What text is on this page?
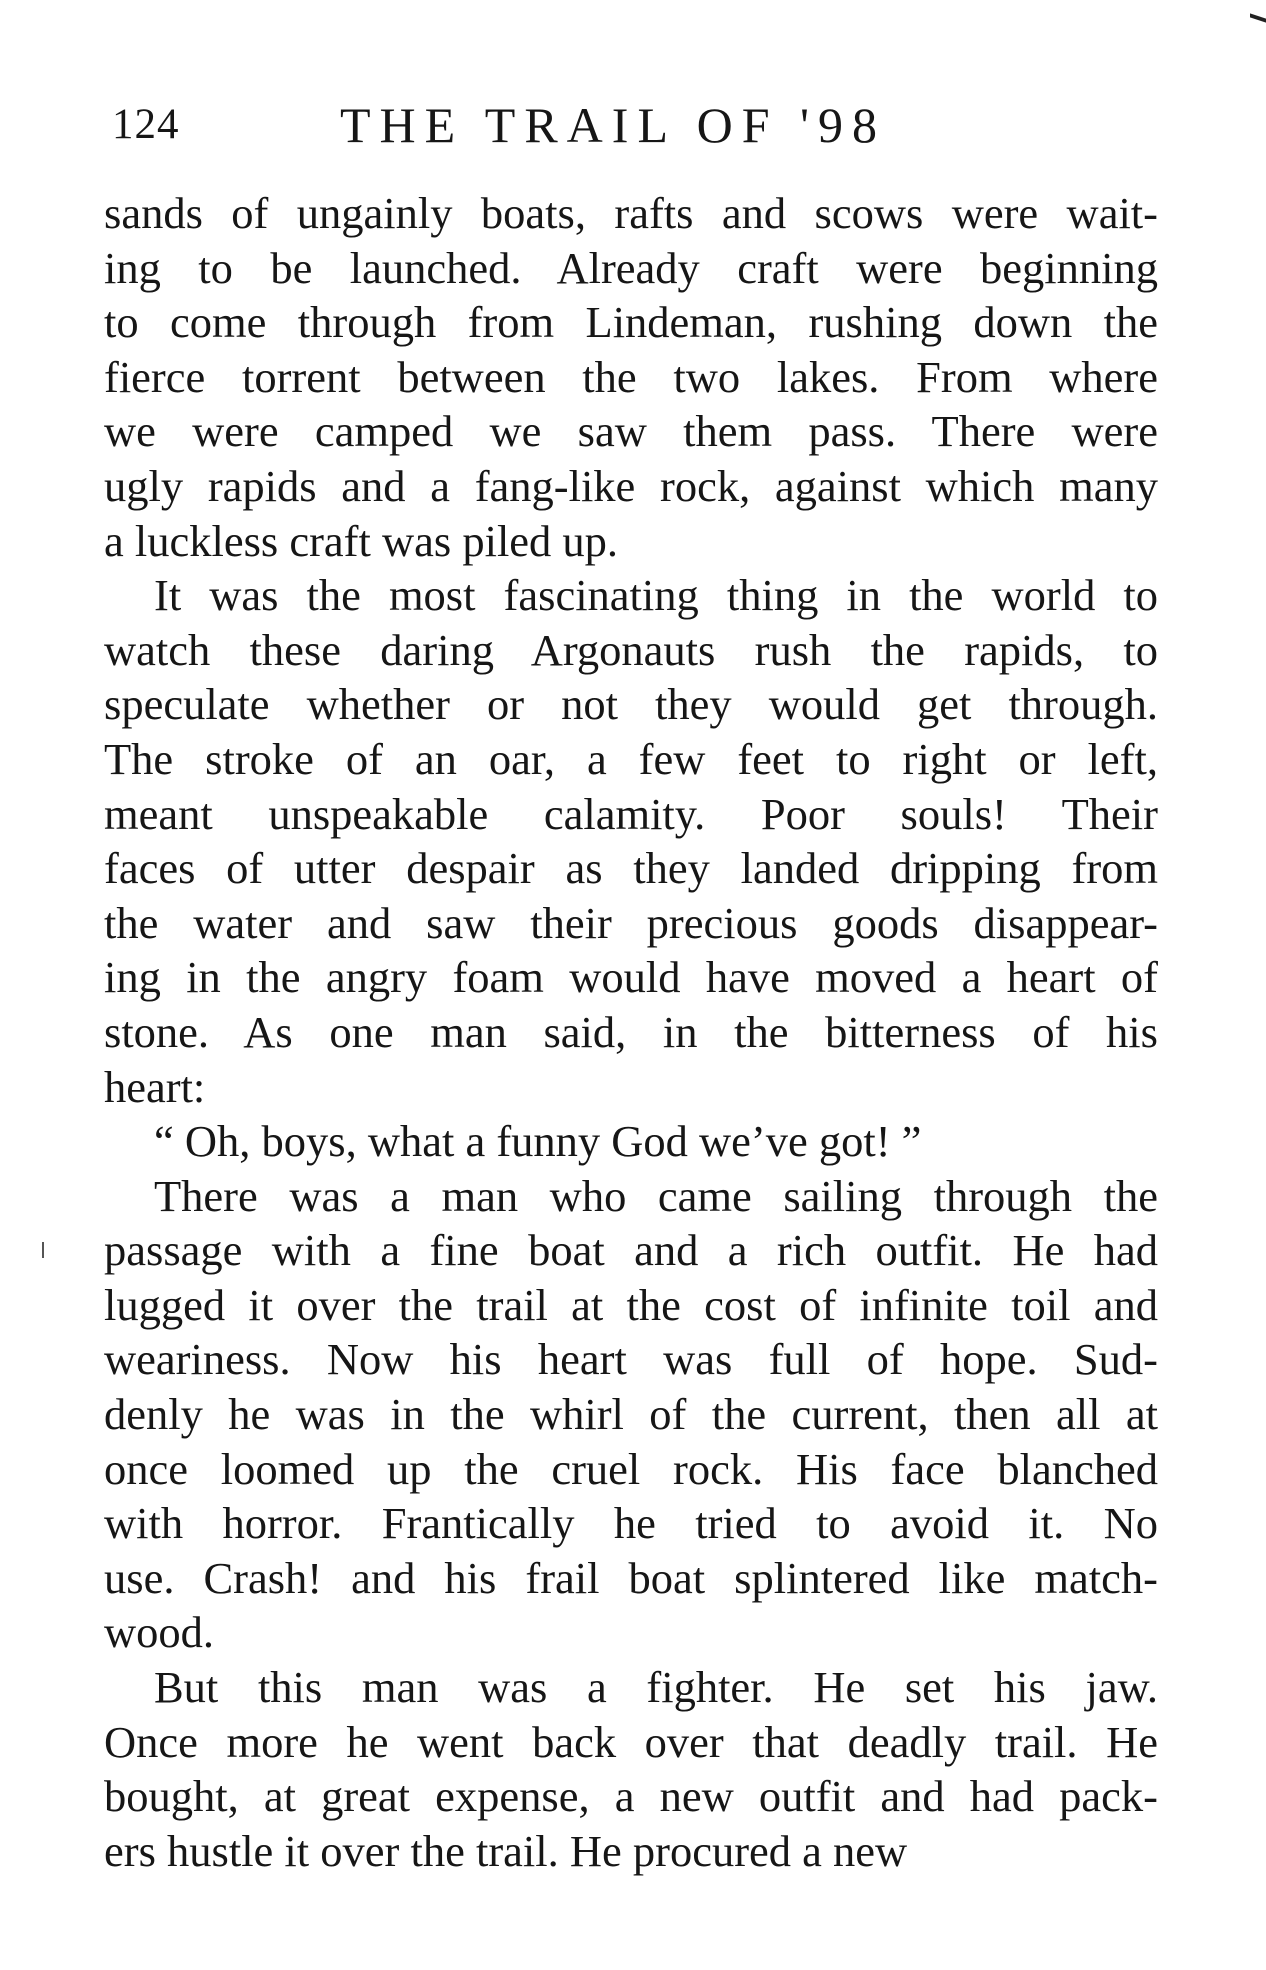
124	THE TRAIL OF '98
sands of ungainly boats, rafts and scows were wait-
ing to be launched. Already craft were beginning
to come through from Lindeman, rushing down the
fierce torrent between the two lakes. From where
we were camped we saw them pass. There were
ugly rapids and a fang-like rock, against which many
a luckless craft was piled up.
It was the most fascinating thing in the world to
watch these daring Argonauts rush the rapids, to
speculate whether or not they would get through.
The stroke of an oar, a few feet to right or left,
meant unspeakable calamity. Poor souls! Their
faces of utter despair as they landed dripping from
the water and saw their precious goods disappear-
ing in the angry foam would have moved a heart of
stone. As one man said, in the bitterness of his
heart:
“ Oh, boys, what a funny God we’ve got! ”
There was a man who came sailing through the
passage with a fine boat and a rich outfit. He had
lugged it over the trail at the cost of infinite toil and
weariness. Now his heart was full of hope. Sud-
denly he was in the whirl of the current, then all at
once loomed up the cruel rock. His face blanched
with horror. Frantically he tried to avoid it. No
use. Crash! and his frail boat splintered like match-
wood.
But this man was a fighter. He set his jaw.
Once more he went back over that deadly trail. He
bought, at great expense, a new outfit and had pack-
ers hustle it over the trail. He procured a new
